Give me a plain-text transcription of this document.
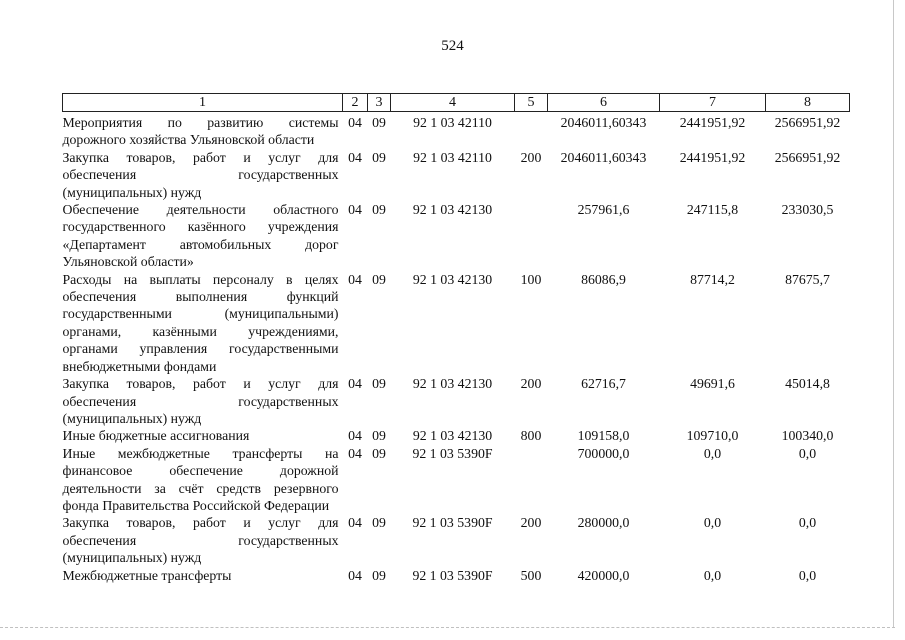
524
1	2	3	4	5	6	7	8
Мероприятия по развитию системы дорожного хозяйства Ульяновской области	04	09	92 1 03 42110		2046011,60343	2441951,92	2566951,92
Закупка товаров, работ и услуг для обеспечения государственных (муниципальных) нужд	04	09	92 1 03 42110	200	2046011,60343	2441951,92	2566951,92
Обеспечение деятельности областного государственного казённого учреждения «Департамент автомобильных дорог Ульяновской области»	04	09	92 1 03 42130		257961,6	247115,8	233030,5
Расходы на выплаты персоналу в целях обеспечения выполнения функций государственными (муниципальными) органами, казёнными учреждениями, органами управления государственными внебюджетными фондами	04	09	92 1 03 42130	100	86086,9	87714,2	87675,7
Закупка товаров, работ и услуг для обеспечения государственных (муниципальных) нужд	04	09	92 1 03 42130	200	62716,7	49691,6	45014,8
Иные бюджетные ассигнования	04	09	92 1 03 42130	800	109158,0	109710,0	100340,0
Иные межбюджетные трансферты на финансовое обеспечение дорожной деятельности за счёт средств резервного фонда Правительства Российской Федерации	04	09	92 1 03 5390F		700000,0	0,0	0,0
Закупка товаров, работ и услуг для обеспечения государственных (муниципальных) нужд	04	09	92 1 03 5390F	200	280000,0	0,0	0,0
Межбюджетные трансферты	04	09	92 1 03 5390F	500	420000,0	0,0	0,0
